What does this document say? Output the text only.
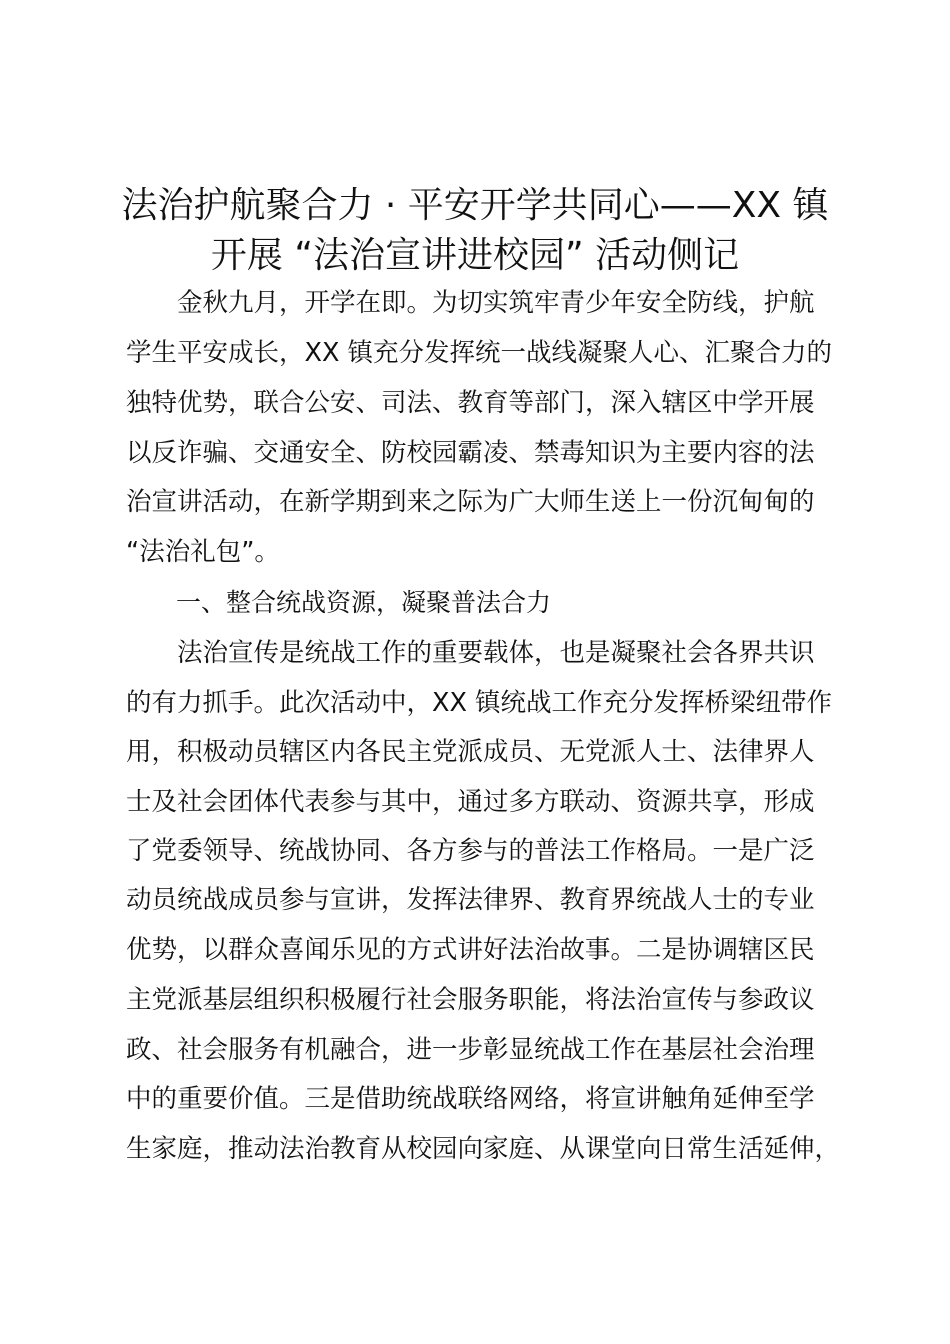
法治护航聚合力 · 平安开学共同心——XX 镇
开展 “法治宣讲进校园” 活动侧记

　　金秋九月，开学在即。为切实筑牢青少年安全防线，护航

学生平安成长，XX 镇充分发挥统一战线凝聚人心、汇聚合力的

独特优势，联合公安、司法、教育等部门，深入辖区中学开展

以反诈骗、交通安全、防校园霸凌、禁毒知识为主要内容的法

治宣讲活动，在新学期到来之际为广大师生送上一份沉甸甸的

“法治礼包”。

　　一、整合统战资源，凝聚普法合力

　　法治宣传是统战工作的重要载体，也是凝聚社会各界共识

的有力抓手。此次活动中，XX 镇统战工作充分发挥桥梁纽带作

用，积极动员辖区内各民主党派成员、无党派人士、法律界人

士及社会团体代表参与其中，通过多方联动、资源共享，形成

了党委领导、统战协同、各方参与的普法工作格局。一是广泛

动员统战成员参与宣讲，发挥法律界、教育界统战人士的专业

优势，以群众喜闻乐见的方式讲好法治故事。二是协调辖区民

主党派基层组织积极履行社会服务职能，将法治宣传与参政议

政、社会服务有机融合，进一步彰显统战工作在基层社会治理

中的重要价值。三是借助统战联络网络，将宣讲触角延伸至学

生家庭，推动法治教育从校园向家庭、从课堂向日常生活延伸，
